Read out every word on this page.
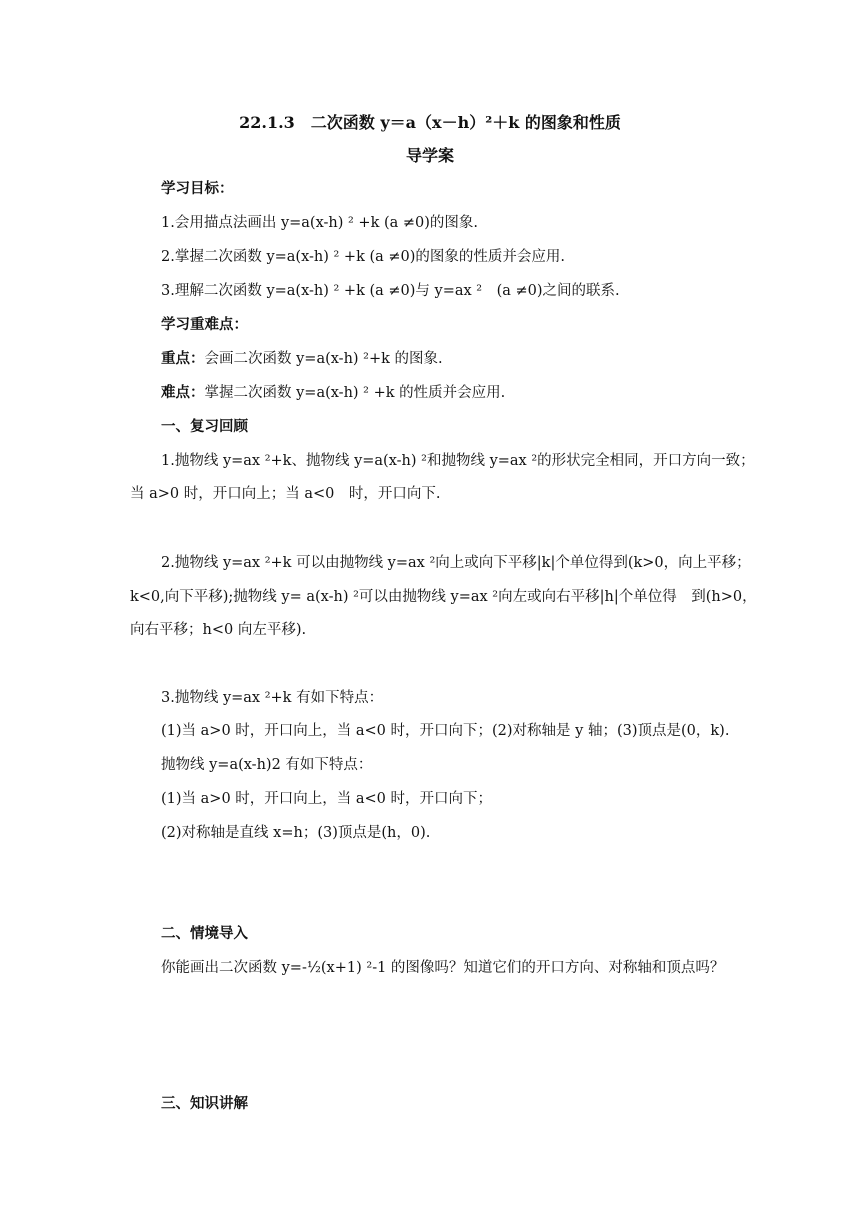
22.1.3　二次函数 y＝a（x－h）²＋k 的图象和性质
导学案
学习目标：
1.会用描点法画出 y=a(x-h) ² +k (a ≠0)的图象.
2.掌握二次函数 y=a(x-h) ² +k (a ≠0)的图象的性质并会应用.
3.理解二次函数 y=a(x-h) ² +k (a ≠0)与 y=ax ²　(a ≠0)之间的联系.
学习重难点：
重点：会画二次函数 y=a(x-h) ²+k 的图象.
难点：掌握二次函数 y=a(x-h) ² +k 的性质并会应用.
一、复习回顾
1.抛物线 y=ax ²+k、抛物线 y=a(x-h) ²和抛物线 y=ax ²的形状完全相同，开口方向一致；
当 a>0 时，开口向上；当 a<0　时，开口向下.
2.抛物线 y=ax ²+k 可以由抛物线 y=ax ²向上或向下平移|k|个单位得到(k>0，向上平移；
k<0,向下平移);抛物线 y= a(x-h) ²可以由抛物线 y=ax ²向左或向右平移|h|个单位得　到(h>0，
向右平移；h<0 向左平移).
3.抛物线 y=ax ²+k 有如下特点：
(1)当 a>0 时，开口向上，当 a<0 时，开口向下；(2)对称轴是 y 轴；(3)顶点是(0，k).
抛物线 y=a(x-h)2 有如下特点：
(1)当 a>0 时，开口向上，当 a<0 时，开口向下；
(2)对称轴是直线 x=h；(3)顶点是(h，0).
二、情境导入
你能画出二次函数 y=-½(x+1) ²-1 的图像吗？知道它们的开口方向、对称轴和顶点吗？
三、知识讲解
